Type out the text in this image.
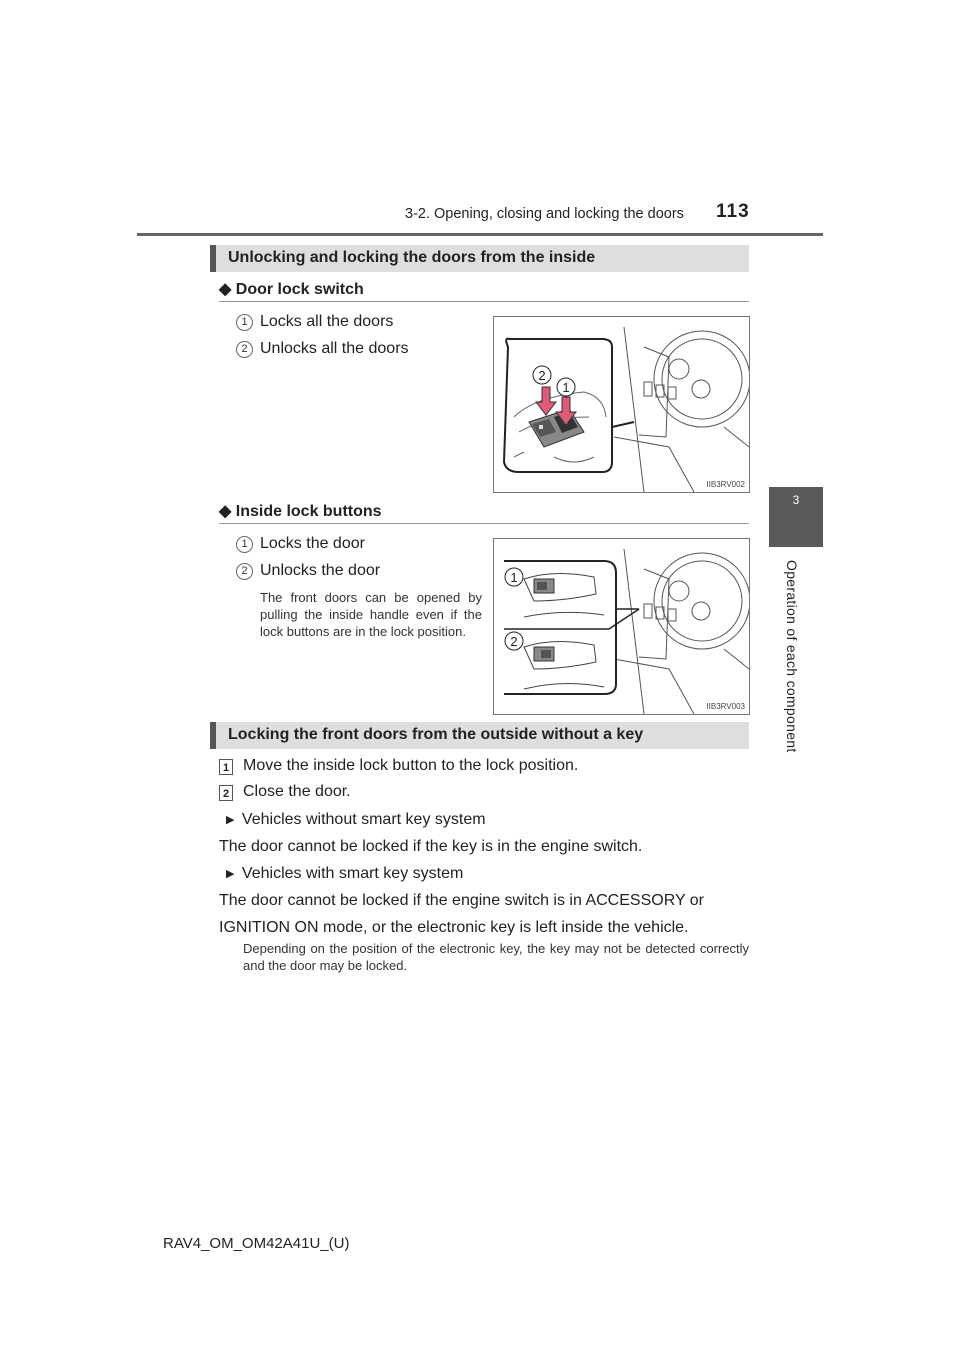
3-2. Opening, closing and locking the doors 113
3
Operation of each component
Unlocking and locking the doors from the inside
◆ Door lock switch
1 Locks all the doors
2 Unlocks all the doors
2
1
IIB3RV002
◆ Inside lock buttons
1 Locks the door
2 Unlocks the door
The front doors can be opened by pulling the inside handle even if the lock buttons are in the lock position.
1
2
IIB3RV003
Locking the front doors from the outside without a key
1 Move the inside lock button to the lock position.
2 Close the door.
▶ Vehicles without smart key system
The door cannot be locked if the key is in the engine switch.
▶ Vehicles with smart key system
The door cannot be locked if the engine switch is in ACCESSORY or IGNITION ON mode, or the electronic key is left inside the vehicle.
Depending on the position of the electronic key, the key may not be detected correctly and the door may be locked.
RAV4_OM_OM42A41U_(U)
